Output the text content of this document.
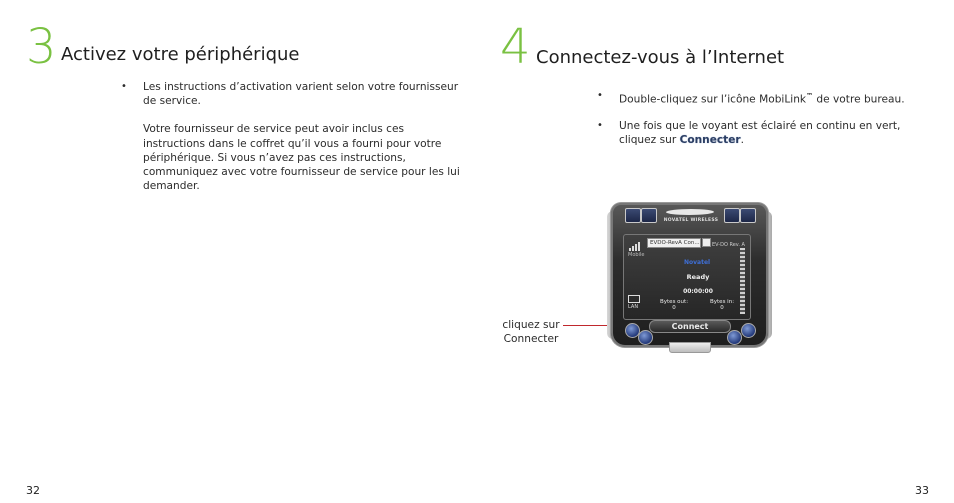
3 Activez votre périphérique
•	Les instructions d’activation varient selon votre fournisseur de service.
Votre fournisseur de service peut avoir inclus ces instructions dans le coffret qu’il vous a fourni pour votre périphérique. Si vous n’avez pas ces instructions, communiquez avec votre fournisseur de service pour les lui demander.
32
4 Connectez-vous à l’Internet
•	Double-cliquez sur l’icône MobiLink™ de votre bureau.
•	Une fois que le voyant est éclairé en continu en vert, cliquez sur Connecter.
cliquez sur
Connecter
NOVATEL WIRELESS
Mobile
EVDO-RevA Con... EV-DO Rev. A
Novatel
Ready
00:00:00
LAN
Bytes out:
0
Bytes in:
0
Connect
33
